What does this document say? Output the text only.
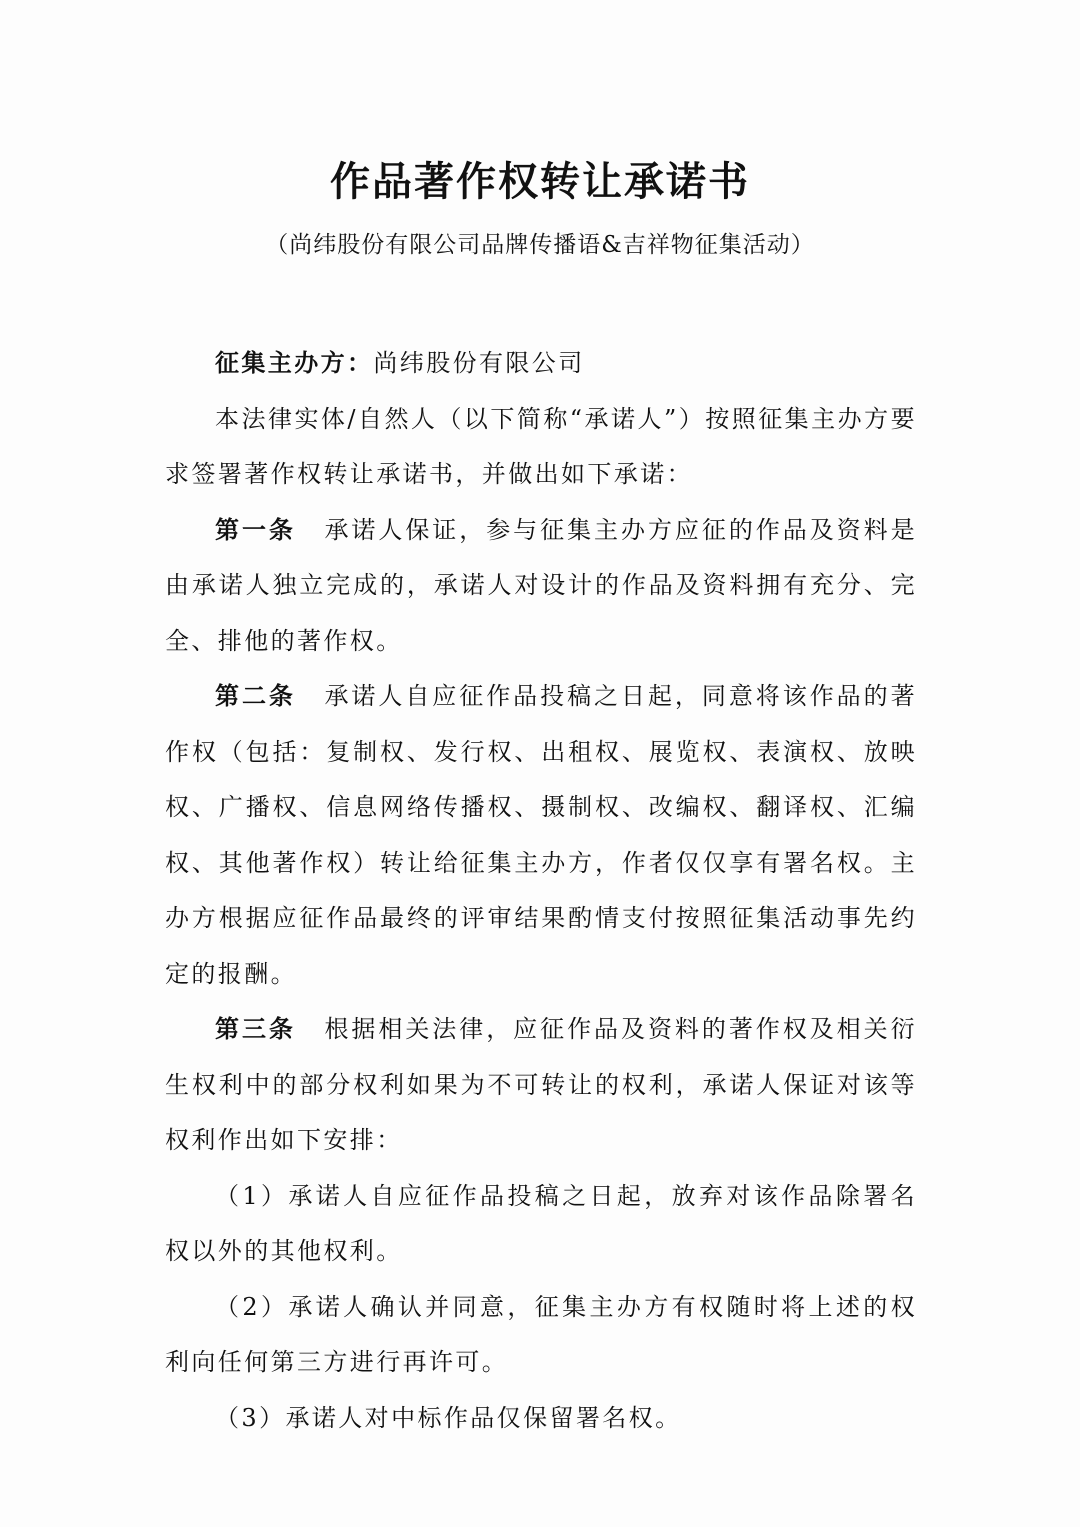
作品著作权转让承诺书
（尚纬股份有限公司品牌传播语&吉祥物征集活动）

征集主办方：尚纬股份有限公司

本法律实体/自然人（以下简称“承诺人”）按照征集主办方要求签署著作权转让承诺书，并做出如下承诺：

第一条 承诺人保证，参与征集主办方应征的作品及资料是由承诺人独立完成的，承诺人对设计的作品及资料拥有充分、完全、排他的著作权。

第二条 承诺人自应征作品投稿之日起，同意将该作品的著作权（包括：复制权、发行权、出租权、展览权、表演权、放映权、广播权、信息网络传播权、摄制权、改编权、翻译权、汇编权、其他著作权）转让给征集主办方，作者仅仅享有署名权。主办方根据应征作品最终的评审结果酌情支付按照征集活动事先约定的报酬。

第三条 根据相关法律，应征作品及资料的著作权及相关衍生权利中的部分权利如果为不可转让的权利，承诺人保证对该等权利作出如下安排：

（1）承诺人自应征作品投稿之日起，放弃对该作品除署名权以外的其他权利。

（2）承诺人确认并同意，征集主办方有权随时将上述的权利向任何第三方进行再许可。

（3）承诺人对中标作品仅保留署名权。
